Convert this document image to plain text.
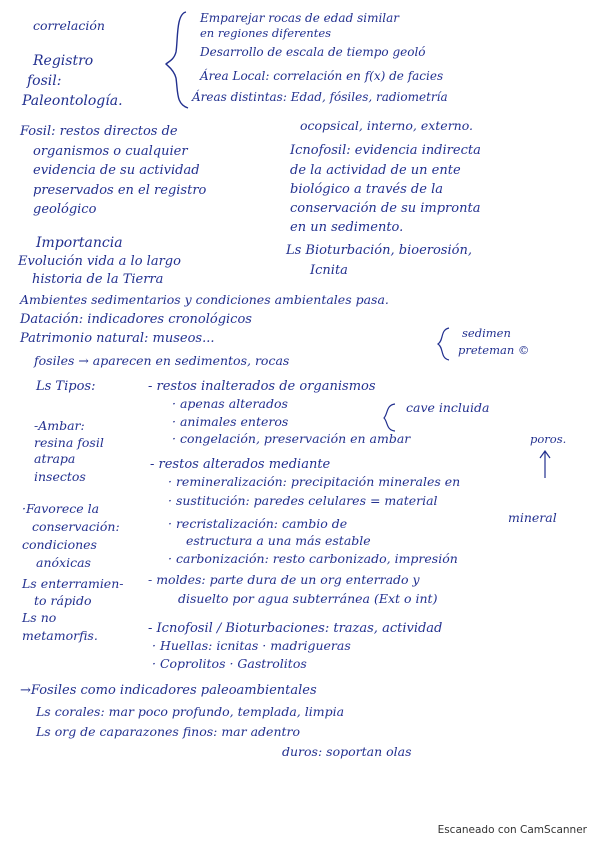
correlación
Registro
fosil:
Paleontología.
Emparejar rocas de edad similar
en regiones diferentes
Desarrollo de escala de tiempo geoló
Área Local: correlación en f(x) de facies
Áreas distintas: Edad, fósiles, radiometría
Fosil: restos directos de
organismos o cualquier
evidencia de su actividad
preservados en el registro
geológico
ocopsical, interno, externo.
Icnofosil: evidencia indirecta
de la actividad de un ente
biológico a través de la
conservación de su impronta
en un sedimento.
Ls Bioturbación, bioerosión,
Icnita
Importancia
Evolución vida a lo largo
historia de la Tierra
Ambientes sedimentarios y condiciones ambientales pasa.
Datación: indicadores cronológicos
Patrimonio natural: museos...	sedimen
preteman ©
fosiles → aparecen en sedimentos, rocas
Ls Tipos:	- restos inalterados de organismos
· apenas alterados
· animales enteros
· congelación, preservación en ambar
cave incluida
poros.
-Ambar:
resina fosil
atrapa
insectos
- restos alterados mediante
· remineralización: precipitación minerales en
· sustitución: paredes celulares = material
mineral
· recristalización: cambio de
estructura a una más estable
· carbonización: resto carbonizado, impresión
·Favorece la
conservación:
condiciones
anóxicas
Ls enterramien-
to rápido
Ls no
metamorfis.
- moldes: parte dura de un org enterrado y
disuelto por agua subterránea (Ext o int)
- Icnofosil / Bioturbaciones: trazas, actividad
· Huellas: icnitas · madrigueras
· Coprolitos · Gastrolitos
→Fosiles como indicadores paleoambientales
Ls corales: mar poco profundo, templada, limpia
Ls org de caparazones finos: mar adentro
duros: soportan olas
Escaneado con CamScanner
